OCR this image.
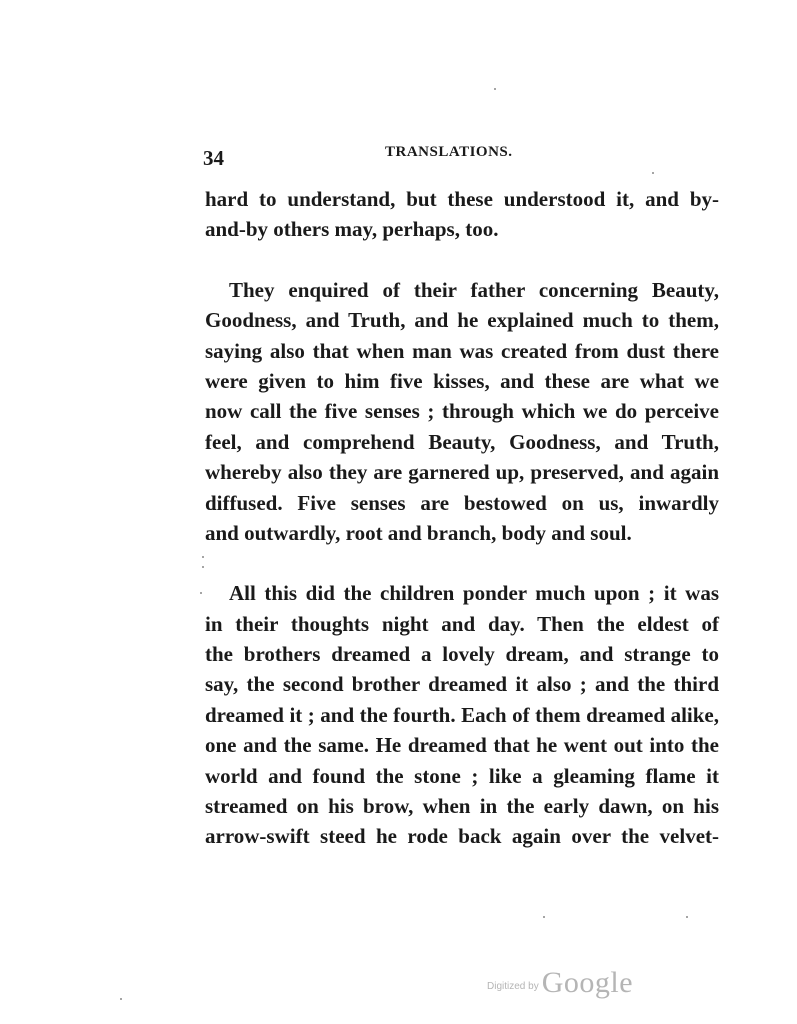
34	TRANSLATIONS.
hard to understand, but these understood it, and by-
and-by others may, perhaps, too.
They enquired of their father concerning Beauty,
Goodness, and Truth, and he explained much to them,
saying also that when man was created from dust there
were given to him five kisses, and these are what we
now call the five senses ; through which we do perceive
feel, and comprehend Beauty, Goodness, and Truth,
whereby also they are garnered up, preserved, and again
diffused. Five senses are bestowed on us, inwardly
and outwardly, root and branch, body and soul.
All this did the children ponder much upon ; it was
in their thoughts night and day. Then the eldest of
the brothers dreamed a lovely dream, and strange to
say, the second brother dreamed it also ; and the third
dreamed it ; and the fourth. Each of them dreamed alike,
one and the same. He dreamed that he went out into the
world and found the stone ; like a gleaming flame it
streamed on his brow, when in the early dawn, on his
arrow-swift steed he rode back again over the velvet-
Digitized by Google
